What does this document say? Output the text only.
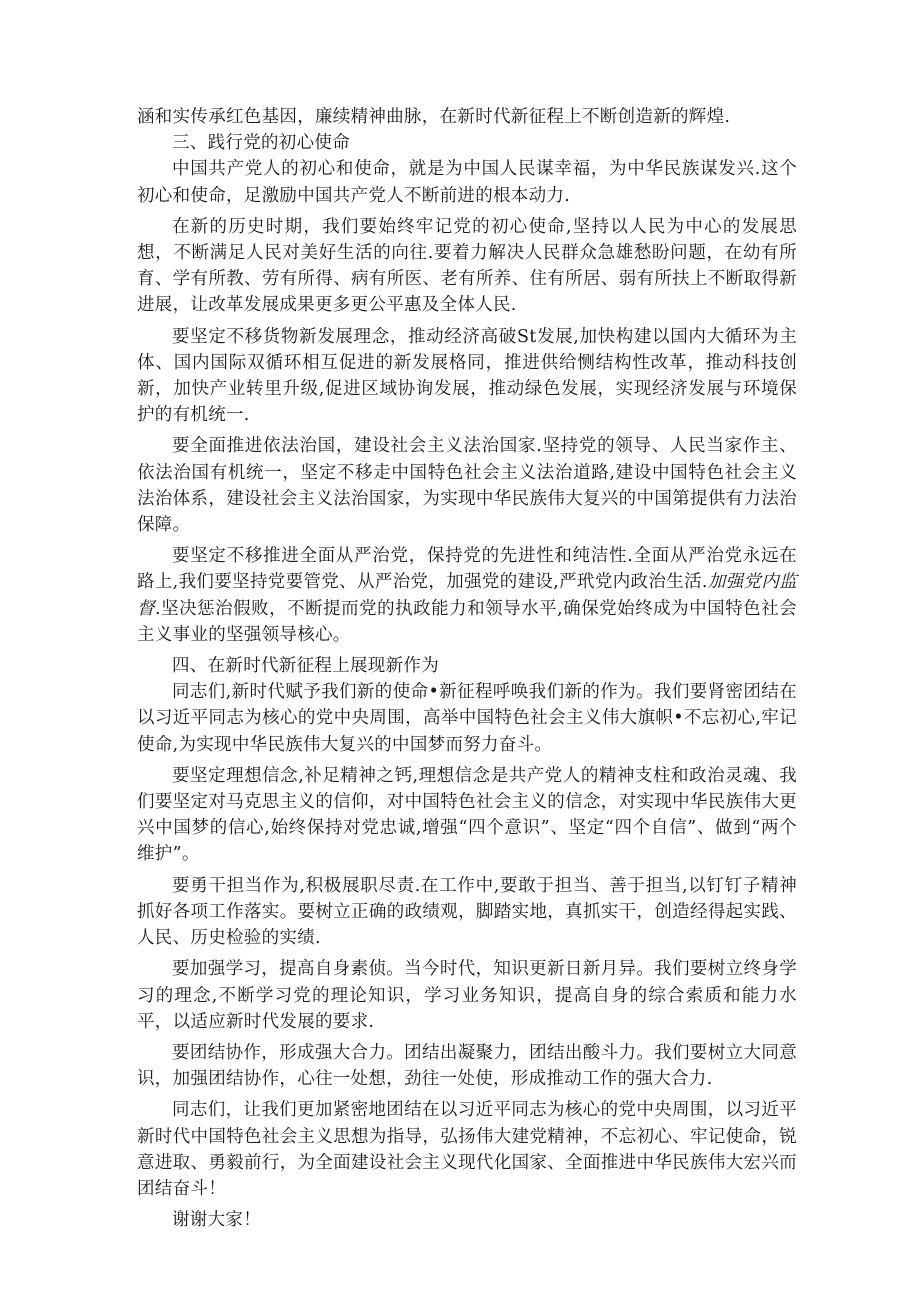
涵和实传承红色基因，廉续精神曲脉，在新时代新征程上不断创造新的辉煌.

三、践行党的初心使命

中国共产党人的初心和使命，就是为中国人民谋幸福，为中华民族谋发兴.这个初心和使命，足激励中国共产党人不断前进的根本动力.

在新的历史时期，我们要始终牢记党的初心使命,坚持以人民为中心的发展思想，不断满足人民对美好生活的向往.要着力解决人民群众急雄愁盼问题，在幼有所育、学有所教、劳有所得、病有所医、老有所养、住有所居、弱有所扶上不断取得新进展，让改革发展成果更多更公平惠及全体人民.

要坚定不移货物新发展理念，推动经济高破St发展,加快构建以国内大循环为主体、国内国际双循环相互促进的新发展格同，推进供给恻结构性改革，推动科技创新，加快产业转里升级,促进区域协询发展，推动绿色发展，实现经济发展与环境保护的有机统一.

要全面推进依法治国，建设社会主义法治国家.坚持党的领导、人民当家作主、依法治国有机统一，坚定不移走中国特色社会主义法治道路,建设中国特色社会主义法治体系，建设社会主义法治国家，为实现中华民族伟大复兴的中国第提供有力法治保障。

要坚定不移推进全面从严治党，保持党的先进性和纯洁性.全面从严治党永远在路上,我们要坚持党要管党、从严治党，加强党的建设,严玳党内政治生活.加强党内监督.坚决惩治假败，不断提而党的执政能力和领导水平,确保党始终成为中国特色社会主义事业的坚强领导核心。

四、在新时代新征程上展现新作为

同志们,新时代赋予我们新的使命•新征程呼唤我们新的作为。我们要肾密团结在以习近平同志为核心的党中央周围，高举中国特色社会主义伟大旗帜•不忘初心,牢记使命,为实现中华民族伟大复兴的中国梦而努力奋斗。

要坚定理想信念,补足精神之钙,理想信念是共产党人的精神支柱和政治灵魂、我们要坚定对马克思主义的信仰，对中国特色社会主义的信念，对实现中华民族伟大更兴中国梦的信心,始终保持对党忠诚,增强“四个意识”、坚定“四个自信”、做到“两个维护”。

要勇干担当作为,积极展职尽责.在工作中,要敢于担当、善于担当,以钉钉子精神抓好各项工作落实。要树立正确的政绩观，脚踏实地，真抓实干，创造经得起实践、人民、历史检验的实绩.

要加强学习，提高自身素侦。当今时代，知识更新日新月异。我们要树立终身学习的理念,不断学习党的理论知识，学习业务知识，提高自身的综合索质和能力水平，以适应新时代发展的要求.

要团结协作，形成强大合力。团结出凝聚力，团结出酸斗力。我们要树立大同意识，加强团结协作，心往一处想，劲往一处使，形成推动工作的强大合力.

同志们，让我们更加紧密地团结在以习近平同志为核心的党中央周围，以习近平新时代中国特色社会主义思想为指导，弘扬伟大建党精神，不忘初心、牢记使命，锐意进取、勇毅前行，为全面建设社会主义现代化国家、全面推进中华民族伟大宏兴而团结奋斗！

谢谢大家！
